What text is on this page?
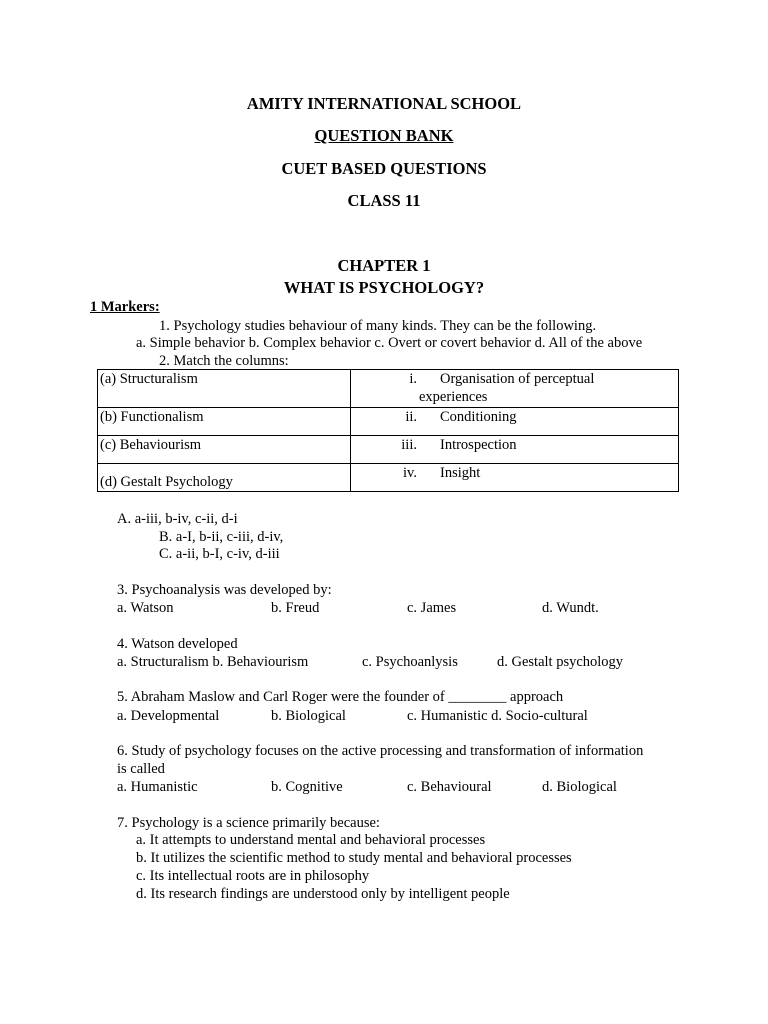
AMITY INTERNATIONAL SCHOOL
QUESTION BANK
CUET BASED QUESTIONS
CLASS 11
CHAPTER 1
WHAT IS PSYCHOLOGY?
1 Markers:
1. Psychology studies behaviour of many kinds. They can be the following.
a. Simple behavior b. Complex behavior c. Overt or covert behavior d. All of the above
2. Match the columns:
(a) Structuralism	i. Organisation of perceptual
experiences
(b) Functionalism	ii. Conditioning
(c) Behaviourism	iii. Introspection
(d) Gestalt Psychology	iv. Insight
A. a-iii, b-iv, c-ii, d-i
B. a-I, b-ii, c-iii, d-iv,
C. a-ii, b-I, c-iv, d-iii
3. Psychoanalysis was developed by:
a. Watson	b. Freud	c. James	d. Wundt.
4. Watson developed
a. Structuralism b. Behaviourism	c. Psychoanlysis	d. Gestalt psychology
5. Abraham Maslow and Carl Roger were the founder of ________ approach
a. Developmental	b. Biological	c. Humanistic d. Socio-cultural
6. Study of psychology focuses on the active processing and transformation of information
is called
a. Humanistic	b. Cognitive	c. Behavioural	d. Biological
7. Psychology is a science primarily because:
a. It attempts to understand mental and behavioral processes
b. It utilizes the scientific method to study mental and behavioral processes
c. Its intellectual roots are in philosophy
d. Its research findings are understood only by intelligent people
